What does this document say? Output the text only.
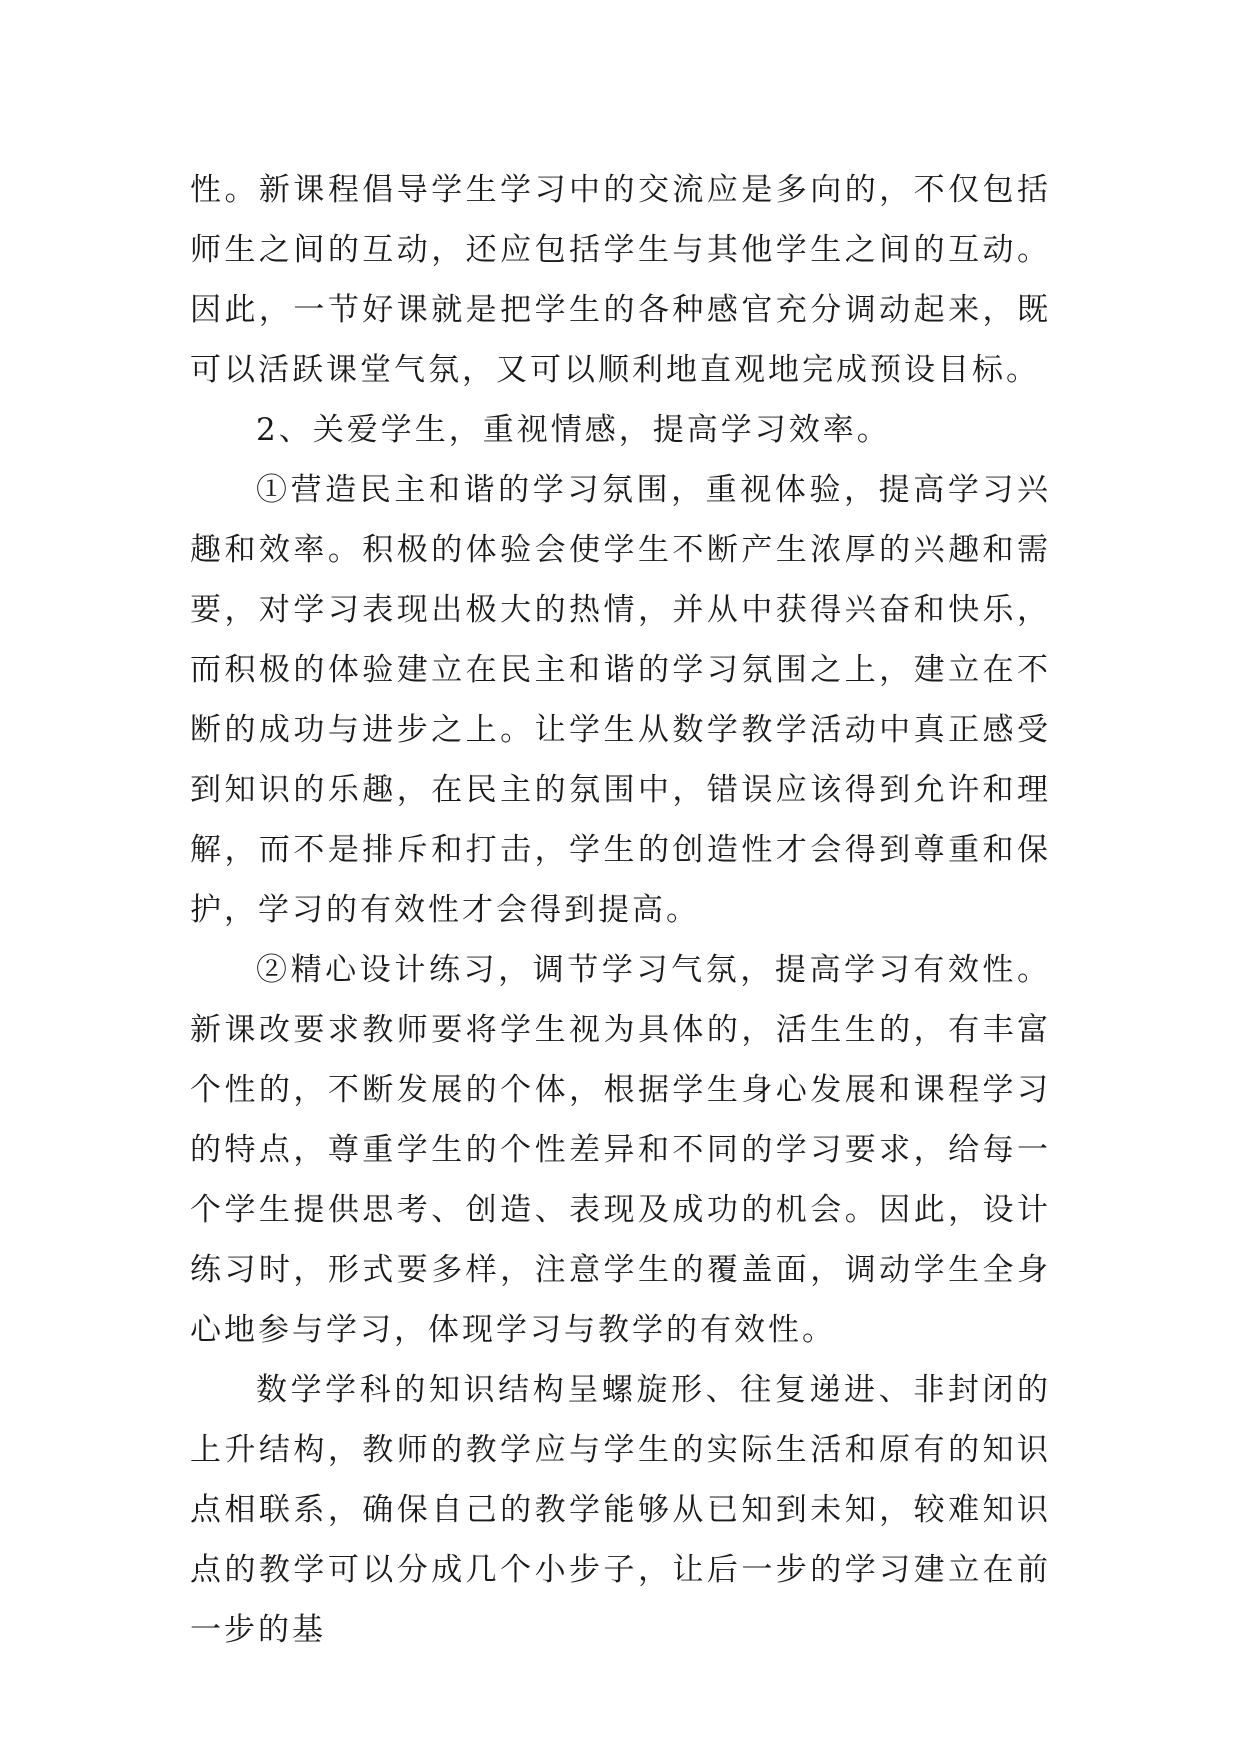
性。新课程倡导学生学习中的交流应是多向的，不仅包括师生之间的互动，还应包括学生与其他学生之间的互动。因此，一节好课就是把学生的各种感官充分调动起来，既可以活跃课堂气氛，又可以顺利地直观地完成预设目标。

2、关爱学生，重视情感，提高学习效率。

①营造民主和谐的学习氛围，重视体验，提高学习兴趣和效率。积极的体验会使学生不断产生浓厚的兴趣和需要，对学习表现出极大的热情，并从中获得兴奋和快乐，而积极的体验建立在民主和谐的学习氛围之上，建立在不断的成功与进步之上。让学生从数学教学活动中真正感受到知识的乐趣，在民主的氛围中，错误应该得到允许和理解，而不是排斥和打击，学生的创造性才会得到尊重和保护，学习的有效性才会得到提高。

②精心设计练习，调节学习气氛，提高学习有效性。新课改要求教师要将学生视为具体的，活生生的，有丰富个性的，不断发展的个体，根据学生身心发展和课程学习的特点，尊重学生的个性差异和不同的学习要求，给每一个学生提供思考、创造、表现及成功的机会。因此，设计练习时，形式要多样，注意学生的覆盖面，调动学生全身心地参与学习，体现学习与教学的有效性。

数学学科的知识结构呈螺旋形、往复递进、非封闭的上升结构，教师的教学应与学生的实际生活和原有的知识点相联系，确保自己的教学能够从已知到未知，较难知识点的教学可以分成几个小步子，让后一步的学习建立在前一步的基
